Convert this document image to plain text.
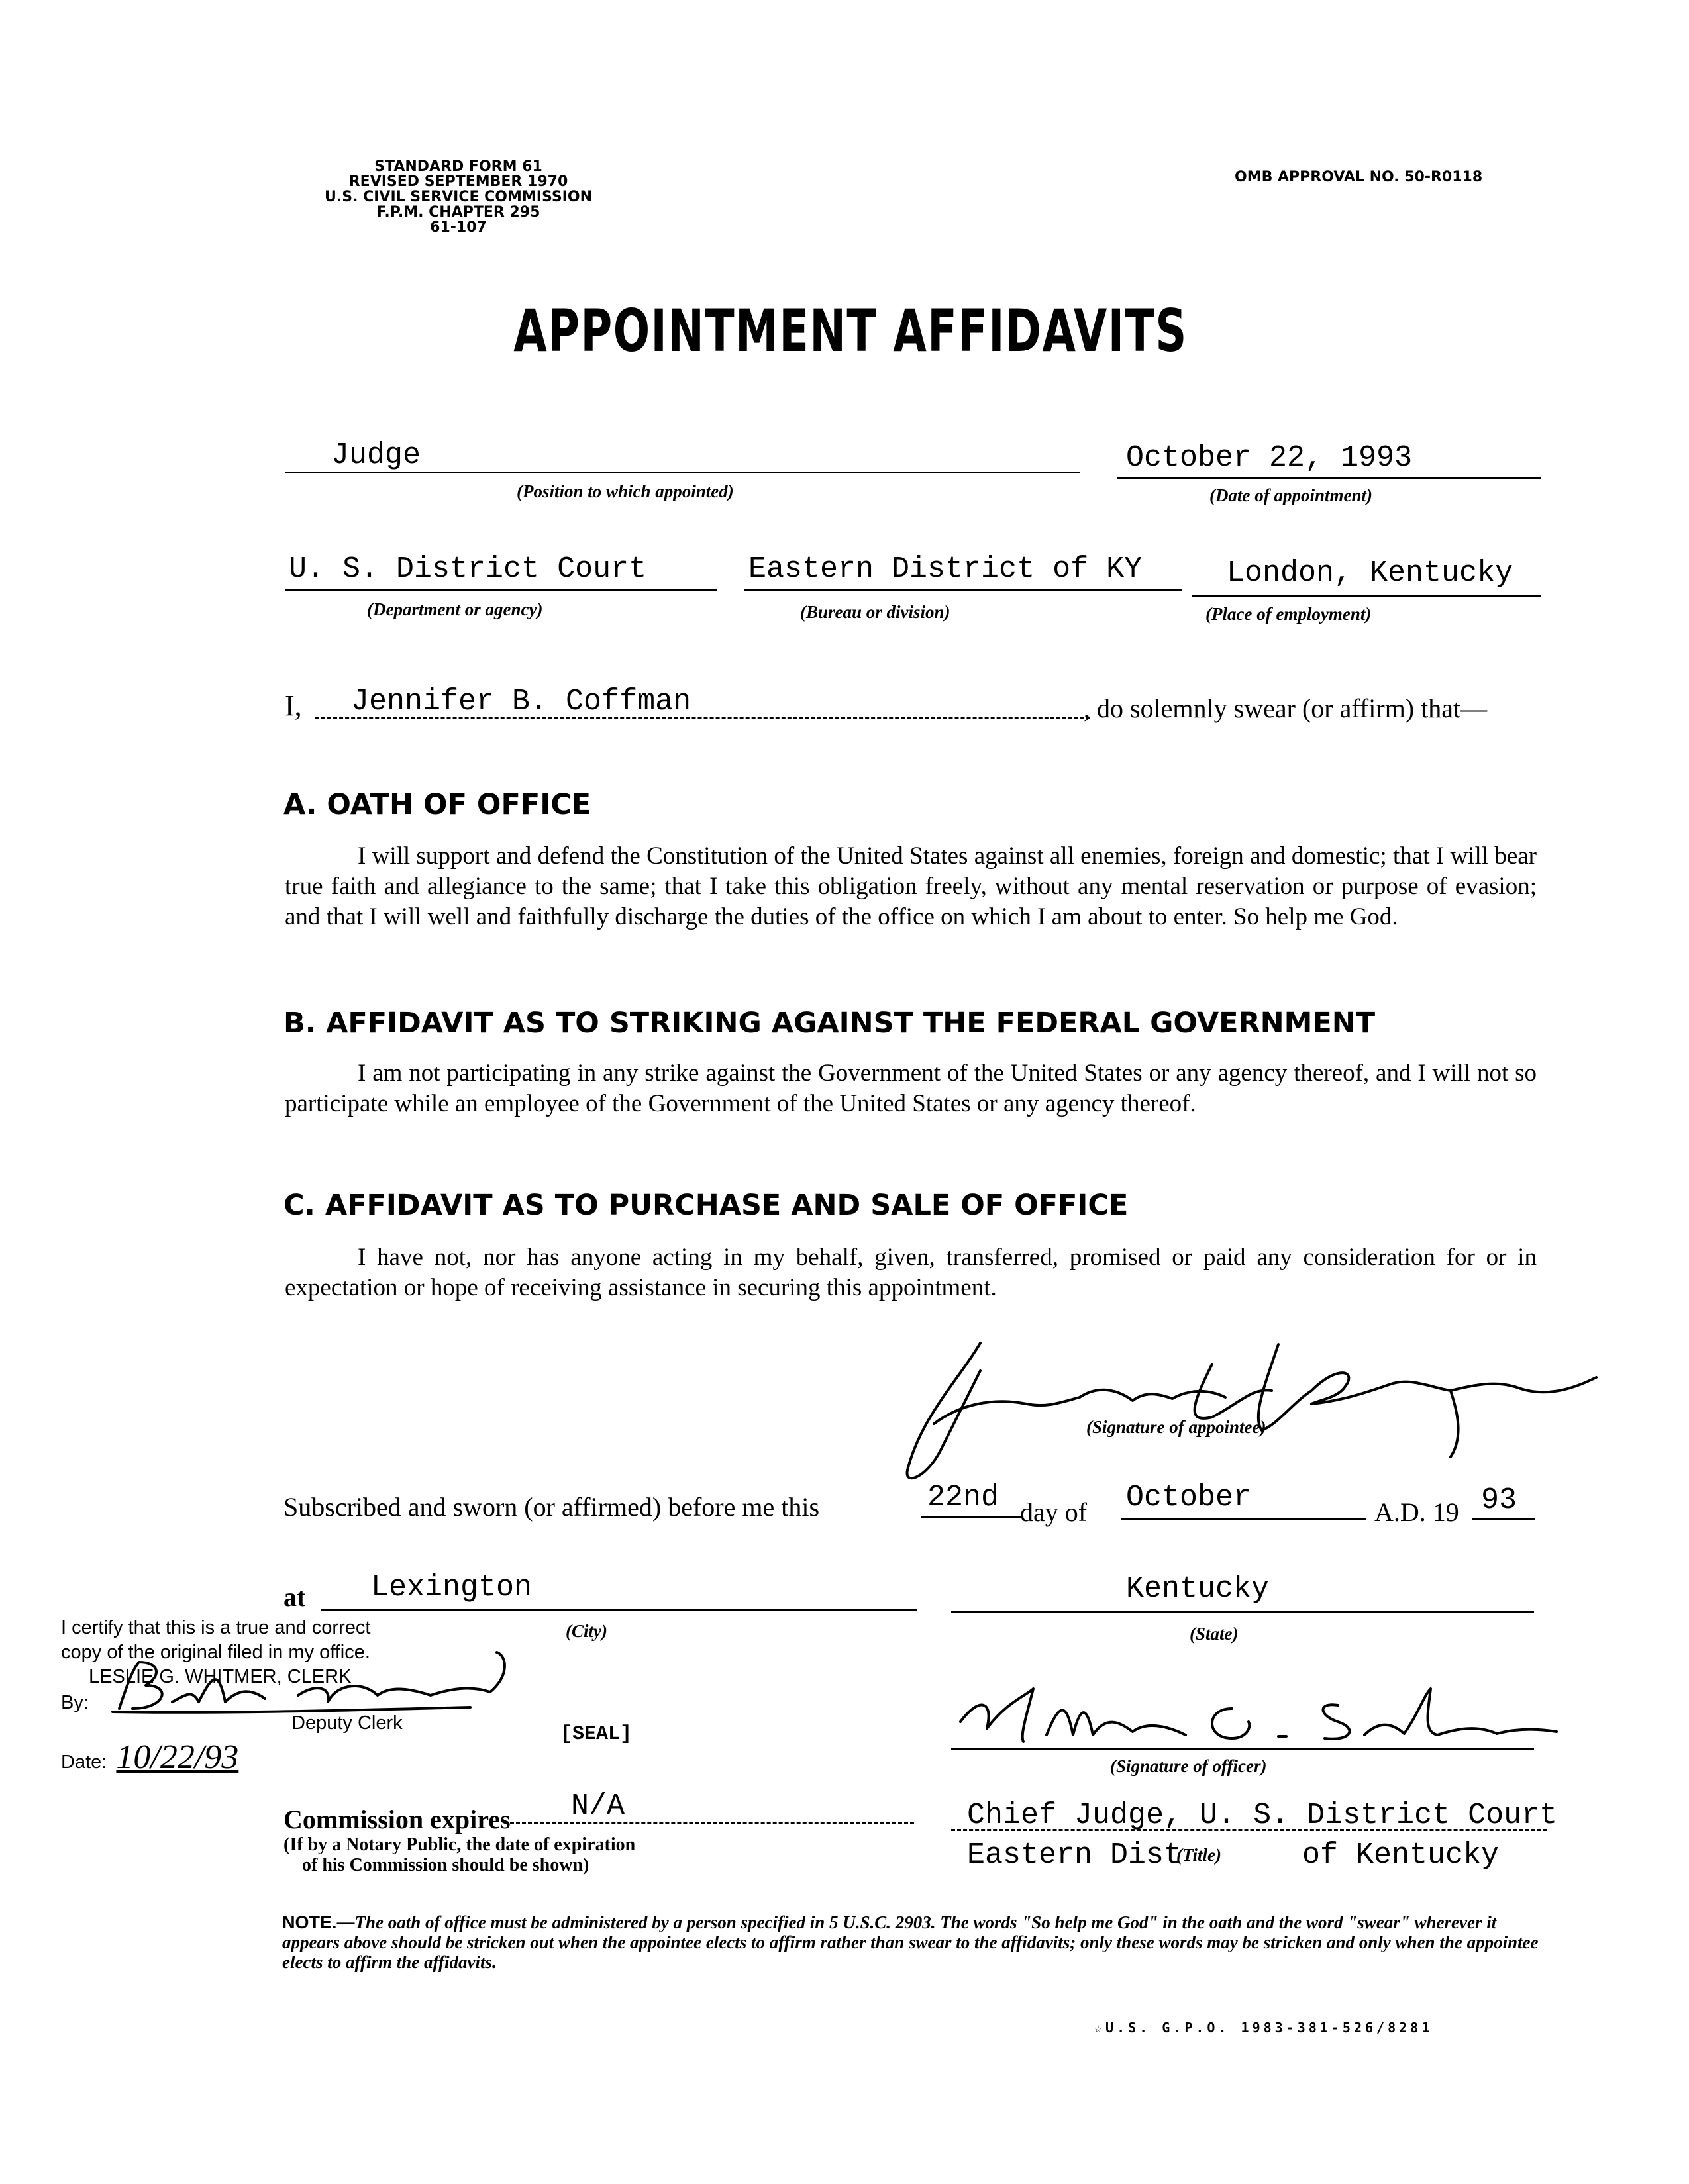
STANDARD FORM 61
REVISED SEPTEMBER 1970
U.S. CIVIL SERVICE COMMISSION
F.P.M. CHAPTER 295
61-107
OMB APPROVAL NO. 50-R0118
APPOINTMENT AFFIDAVITS
Judge
(Position to which appointed)
October 22, 1993
(Date of appointment)
U. S. District Court
(Department or agency)
Eastern District of KY
(Bureau or division)
London, Kentucky
(Place of employment)
I, Jennifer B. Coffman	, do solemnly swear (or affirm) that—
A. OATH OF OFFICE
I will support and defend the Constitution of the United States against all enemies, foreign and domestic; that I will bear true faith and allegiance to the same; that I take this obligation freely, without any mental reservation or purpose of evasion; and that I will well and faithfully discharge the duties of the office on which I am about to enter. So help me God.
B. AFFIDAVIT AS TO STRIKING AGAINST THE FEDERAL GOVERNMENT
I am not participating in any strike against the Government of the United States or any agency thereof, and I will not so participate while an employee of the Government of the United States or any agency thereof.
C. AFFIDAVIT AS TO PURCHASE AND SALE OF OFFICE
I have not, nor has anyone acting in my behalf, given, transferred, promised or paid any consideration for or in expectation or hope of receiving assistance in securing this appointment.
(Signature of appointee)
Subscribed and sworn (or affirmed) before me this	22nd day of October	A.D. 19 93
at Lexington
(City)
Kentucky
(State)
[SEAL]
(Signature of officer)
Commission expires N/A
(If by a Notary Public, the date of expiration
of his Commission should be shown)
Chief Judge, U. S. District Court
Eastern Dist
(Title)	of Kentucky
I certify that this is a true and correct
copy of the original filed in my office.
LESLIE G. WHITMER, CLERK
By:
Deputy Clerk
Date: 10/22/93
NOTE.—The oath of office must be administered by a person specified in 5 U.S.C. 2903. The words "So help me God" in the oath and the word "swear" wherever it appears above should be stricken out when the appointee elects to affirm rather than swear to the affidavits; only these words may be stricken and only when the appointee elects to affirm the affidavits.
☆U.S. G.P.O. 1983-381-526/8281
